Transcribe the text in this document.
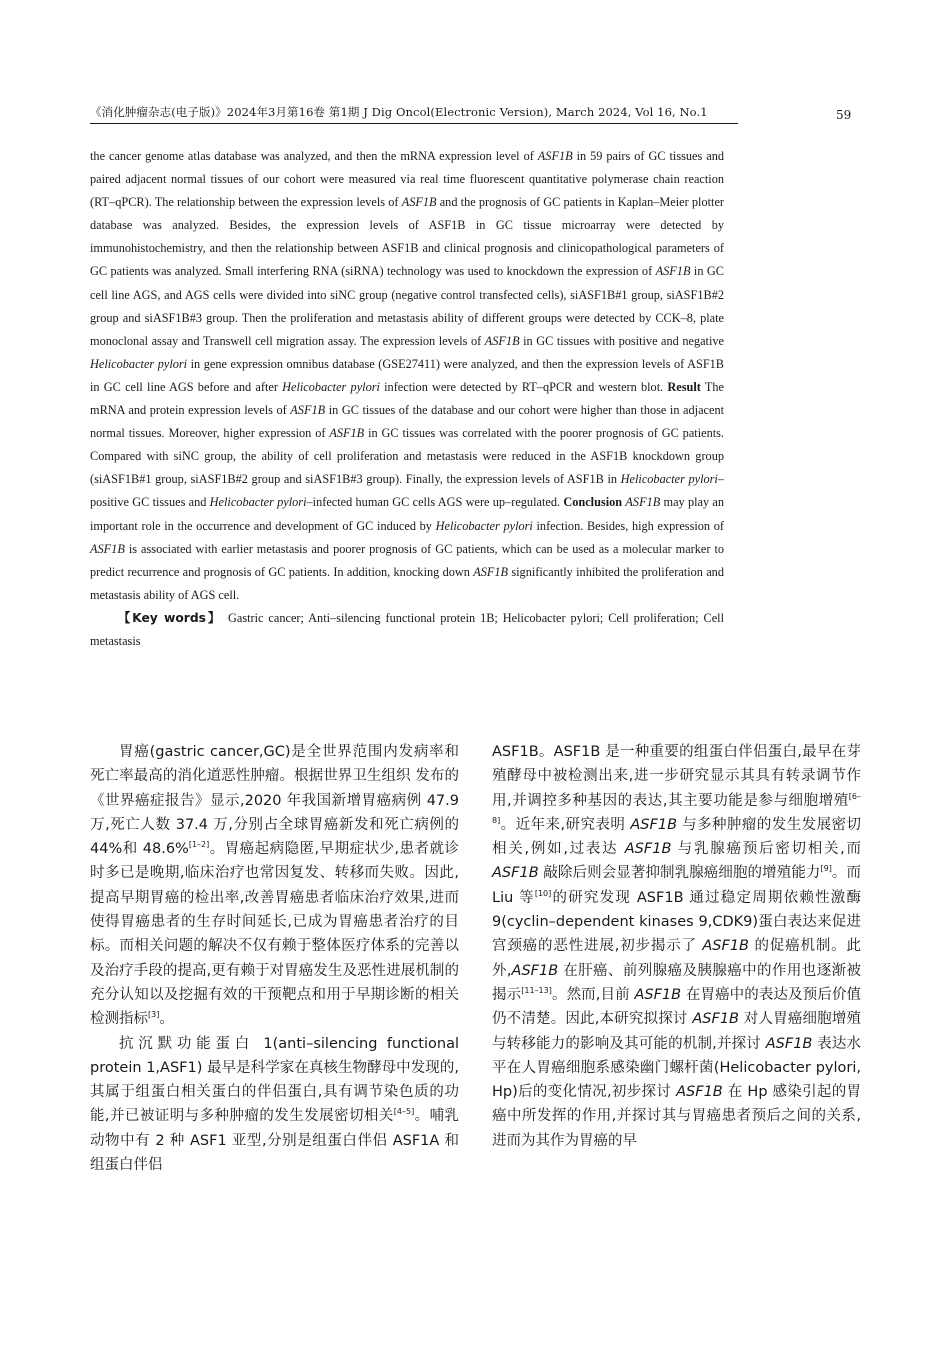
《消化肿瘤杂志(电子版)》2024年3月第16卷 第1期 J Dig Oncol(Electronic Version), March 2024, Vol 16, No.1	59

the cancer genome atlas database was analyzed, and then the mRNA expression level of ASF1B in 59 pairs of GC tissues and paired adjacent normal tissues of our cohort were measured via real time fluorescent quantitative polymerase chain reaction (RT–qPCR). The relationship between the expression levels of ASF1B and the prognosis of GC patients in Kaplan–Meier plotter database was analyzed. Besides, the expression levels of ASF1B in GC tissue microarray were detected by immunohistochemistry, and then the relationship between ASF1B and clinical prognosis and clinicopathological parameters of GC patients was analyzed. Small interfering RNA (siRNA) technology was used to knockdown the expression of ASF1B in GC cell line AGS, and AGS cells were divided into siNC group (negative control transfected cells), siASF1B#1 group, siASF1B#2 group and siASF1B#3 group. Then the proliferation and metastasis ability of different groups were detected by CCK–8, plate monoclonal assay and Transwell cell migration assay. The expression levels of ASF1B in GC tissues with positive and negative Helicobacter pylori in gene expression omnibus database (GSE27411) were analyzed, and then the expression levels of ASF1B in GC cell line AGS before and after Helicobacter pylori infection were detected by RT–qPCR and western blot. Result The mRNA and protein expression levels of ASF1B in GC tissues of the database and our cohort were higher than those in adjacent normal tissues. Moreover, higher expression of ASF1B in GC tissues was correlated with the poorer prognosis of GC patients. Compared with siNC group, the ability of cell proliferation and metastasis were reduced in the ASF1B knockdown group (siASF1B#1 group, siASF1B#2 group and siASF1B#3 group). Finally, the expression levels of ASF1B in Helicobacter pylori–positive GC tissues and Helicobacter pylori–infected human GC cells AGS were up–regulated. Conclusion ASF1B may play an important role in the occurrence and development of GC induced by Helicobacter pylori infection. Besides, high expression of ASF1B is associated with earlier metastasis and poorer prognosis of GC patients, which can be used as a molecular marker to predict recurrence and prognosis of GC patients. In addition, knocking down ASF1B significantly inhibited the proliferation and metastasis ability of AGS cell.

【Key words】 Gastric cancer; Anti–silencing functional protein 1B; Helicobacter pylori; Cell proliferation; Cell metastasis

胃癌(gastric cancer,GC)是全世界范围内发病率和死亡率最高的消化道恶性肿瘤。根据世界卫生组织 发布的《世界癌症报告》显示,2020 年我国新增胃癌病例 47.9 万,死亡人数 37.4 万,分别占全球胃癌新发和死亡病例的 44%和 48.6%[1–2]。胃癌起病隐匿,早期症状少,患者就诊时多已是晚期,临床治疗也常因复发、转移而失败。因此,提高早期胃癌的检出率,改善胃癌患者临床治疗效果,进而使得胃癌患者的生存时间延长,已成为胃癌患者治疗的目标。而相关问题的解决不仅有赖于整体医疗体系的完善以及治疗手段的提高,更有赖于对胃癌发生及恶性进展机制的充分认知以及挖掘有效的干预靶点和用于早期诊断的相关检测指标[3]。

抗沉默功能蛋白 1(anti–silencing functional protein 1,ASF1) 最早是科学家在真核生物酵母中发现的,其属于组蛋白相关蛋白的伴侣蛋白,具有调节染色质的功能,并已被证明与多种肿瘤的发生发展密切相关[4–5]。哺乳动物中有 2 种 ASF1 亚型,分别是组蛋白伴侣 ASF1A 和组蛋白伴侣

ASF1B。ASF1B 是一种重要的组蛋白伴侣蛋白,最早在芽殖酵母中被检测出来,进一步研究显示其具有转录调节作用,并调控多种基因的表达,其主要功能是参与细胞增殖[6–8]。近年来,研究表明 ASF1B 与多种肿瘤的发生发展密切相关,例如,过表达 ASF1B 与乳腺癌预后密切相关,而 ASF1B 敲除后则会显著抑制乳腺癌细胞的增殖能力[9]。而 Liu 等[10]的研究发现 ASF1B 通过稳定周期依赖性激酶 9(cyclin–dependent kinases 9,CDK9)蛋白表达来促进宫颈癌的恶性进展,初步揭示了 ASF1B 的促癌机制。此外,ASF1B 在肝癌、前列腺癌及胰腺癌中的作用也逐渐被揭示[11–13]。然而,目前 ASF1B 在胃癌中的表达及预后价值仍不清楚。因此,本研究拟探讨 ASF1B 对人胃癌细胞增殖与转移能力的影响及其可能的机制,并探讨 ASF1B 表达水平在人胃癌细胞系感染幽门螺杆菌(Helicobacter pylori, Hp)后的变化情况,初步探讨 ASF1B 在 Hp 感染引起的胃癌中所发挥的作用,并探讨其与胃癌患者预后之间的关系,进而为其作为胃癌的早
